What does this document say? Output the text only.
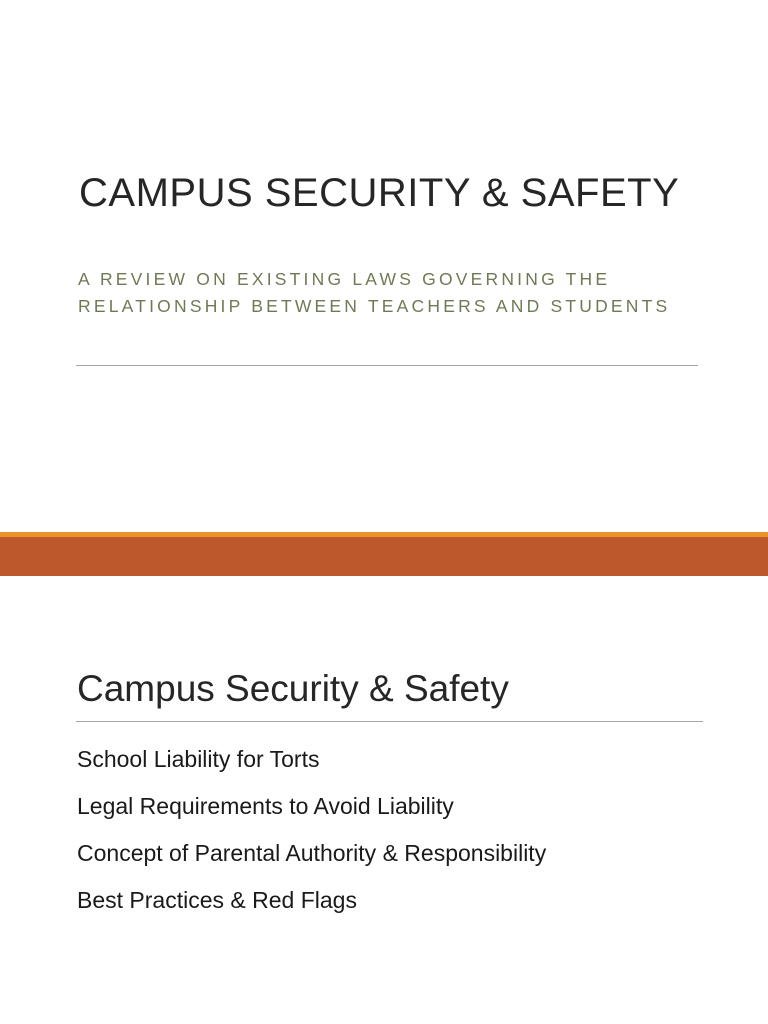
CAMPUS SECURITY & SAFETY

A REVIEW ON EXISTING LAWS GOVERNING THE RELATIONSHIP BETWEEN TEACHERS AND STUDENTS

Campus Security & Safety
School Liability for Torts
Legal Requirements to Avoid Liability
Concept of Parental Authority & Responsibility
Best Practices & Red Flags
